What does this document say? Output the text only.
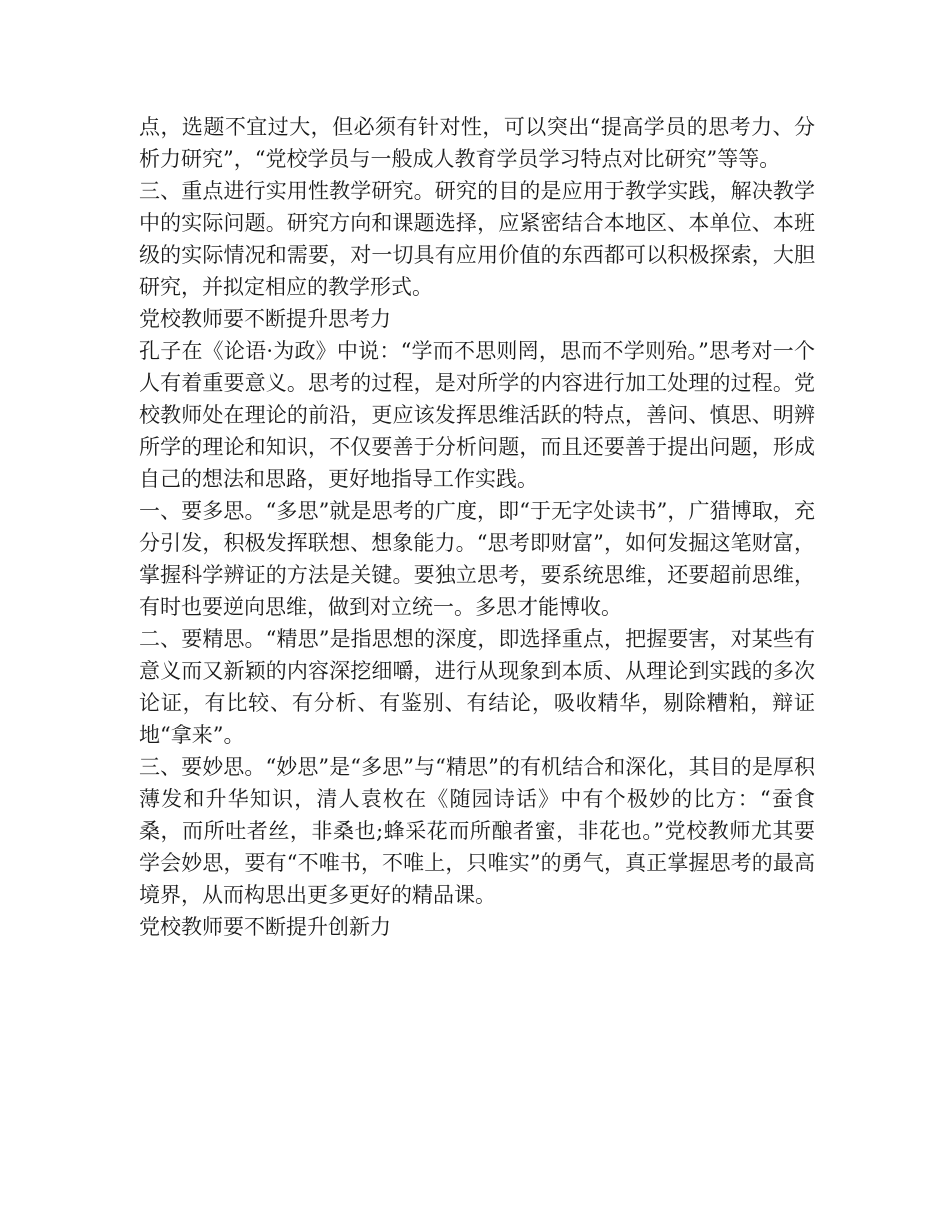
点，选题不宜过大，但必须有针对性，可以突出“提高学员的思考力、分析力研究”，“党校学员与一般成人教育学员学习特点对比研究”等等。

三、重点进行实用性教学研究。研究的目的是应用于教学实践，解决教学中的实际问题。研究方向和课题选择，应紧密结合本地区、本单位、本班级的实际情况和需要，对一切具有应用价值的东西都可以积极探索，大胆研究，并拟定相应的教学形式。

党校教师要不断提升思考力

孔子在《论语·为政》中说：“学而不思则罔，思而不学则殆。”思考对一个人有着重要意义。思考的过程，是对所学的内容进行加工处理的过程。党校教师处在理论的前沿，更应该发挥思维活跃的特点，善问、慎思、明辨所学的理论和知识，不仅要善于分析问题，而且还要善于提出问题，形成自己的想法和思路，更好地指导工作实践。

一、要多思。“多思”就是思考的广度，即“于无字处读书”，广猎博取，充分引发，积极发挥联想、想象能力。“思考即财富”，如何发掘这笔财富，掌握科学辨证的方法是关键。要独立思考，要系统思维，还要超前思维，有时也要逆向思维，做到对立统一。多思才能博收。

二、要精思。“精思”是指思想的深度，即选择重点，把握要害，对某些有意义而又新颖的内容深挖细嚼，进行从现象到本质、从理论到实践的多次论证，有比较、有分析、有鉴别、有结论，吸收精华，剔除糟粕，辩证地“拿来”。

三、要妙思。“妙思”是“多思”与“精思”的有机结合和深化，其目的是厚积薄发和升华知识，清人袁枚在《随园诗话》中有个极妙的比方：“蚕食桑，而所吐者丝，非桑也;蜂采花而所酿者蜜，非花也。”党校教师尤其要学会妙思，要有“不唯书，不唯上，只唯实”的勇气，真正掌握思考的最高境界，从而构思出更多更好的精品课。

党校教师要不断提升创新力
